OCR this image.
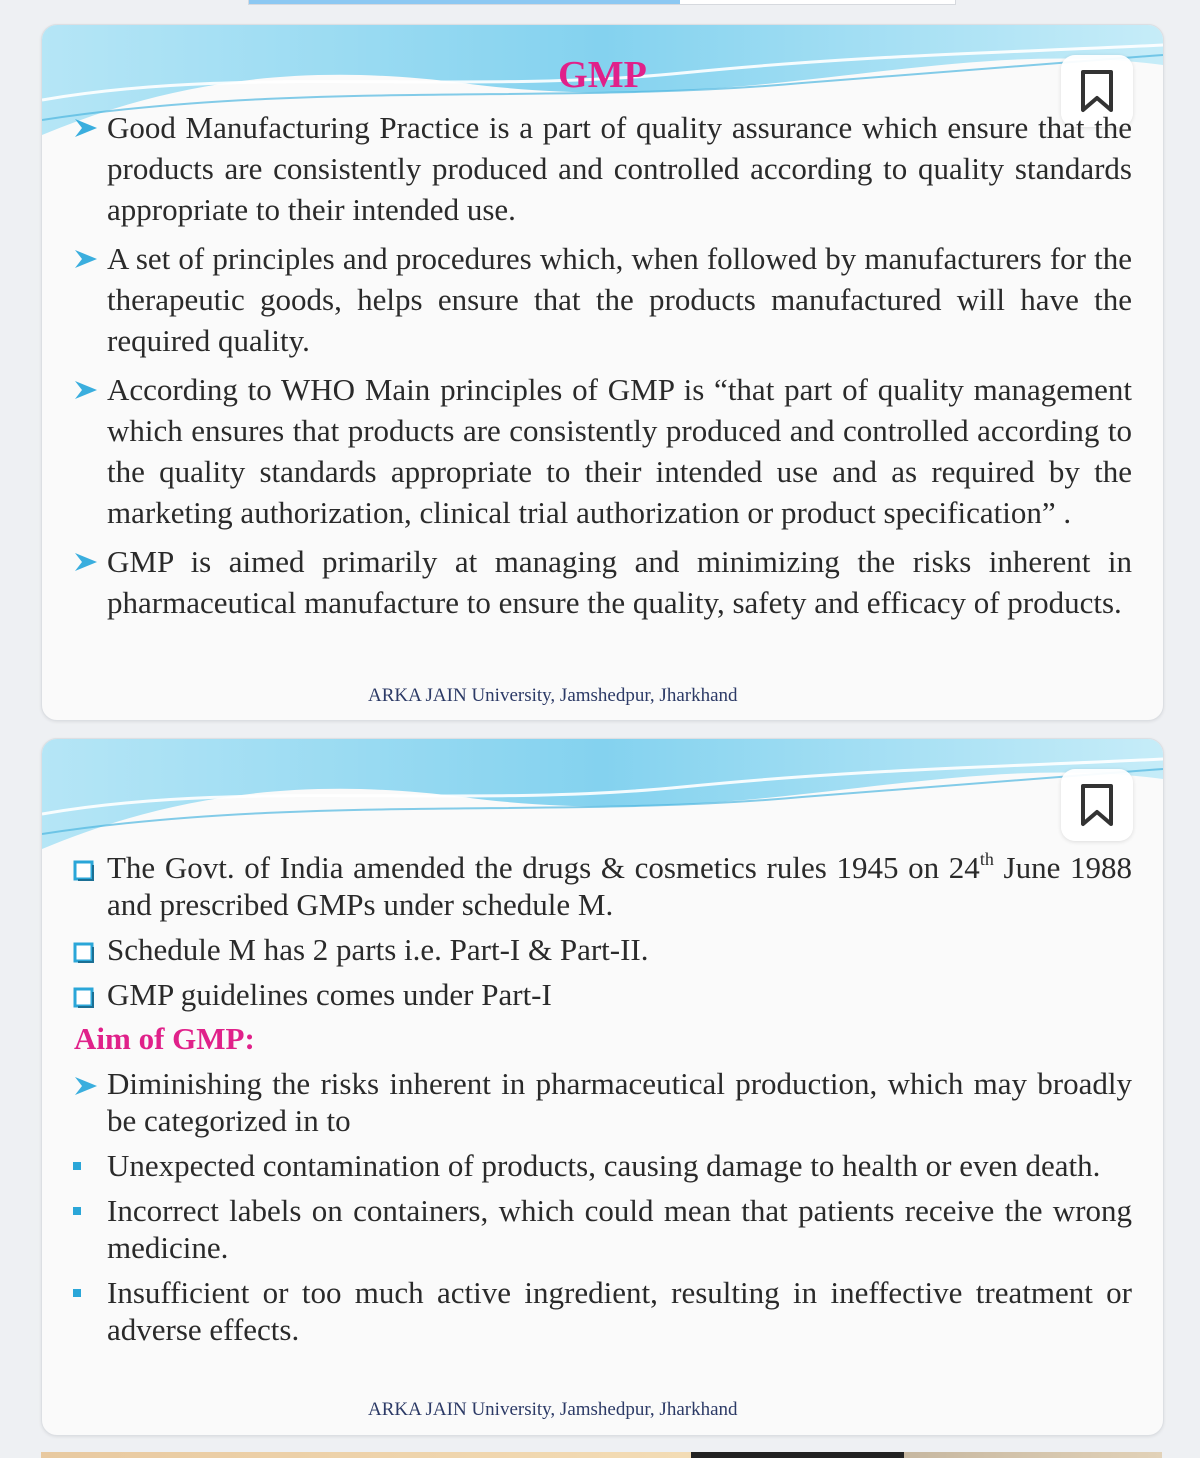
GMP
Good Manufacturing Practice is a part of quality assurance which ensure that the products are consistently produced and controlled according to quality standards appropriate to their intended use.
A set of principles and procedures which, when followed by manufacturers for the therapeutic goods, helps ensure that the products manufactured will have the required quality.
According to WHO Main principles of GMP is “that part of quality management which ensures that products are consistently produced and controlled according to the quality standards appropriate to their intended use and as required by the marketing authorization, clinical trial authorization or product specification” .
GMP is aimed primarily at managing and minimizing the risks inherent in pharmaceutical manufacture to ensure the quality, safety and efficacy of products.
ARKA JAIN University, Jamshedpur, Jharkhand
The Govt. of India amended the drugs & cosmetics rules 1945 on 24th June 1988 and prescribed GMPs under schedule M.
Schedule M has 2 parts i.e. Part-I & Part-II.
GMP guidelines comes under Part-I
Aim of GMP:
Diminishing the risks inherent in pharmaceutical production, which may broadly be categorized in to
Unexpected contamination of products, causing damage to health or even death.
Incorrect labels on containers, which could mean that patients receive the wrong medicine.
Insufficient or too much active ingredient, resulting in ineffective treatment or adverse effects.
ARKA JAIN University, Jamshedpur, Jharkhand
